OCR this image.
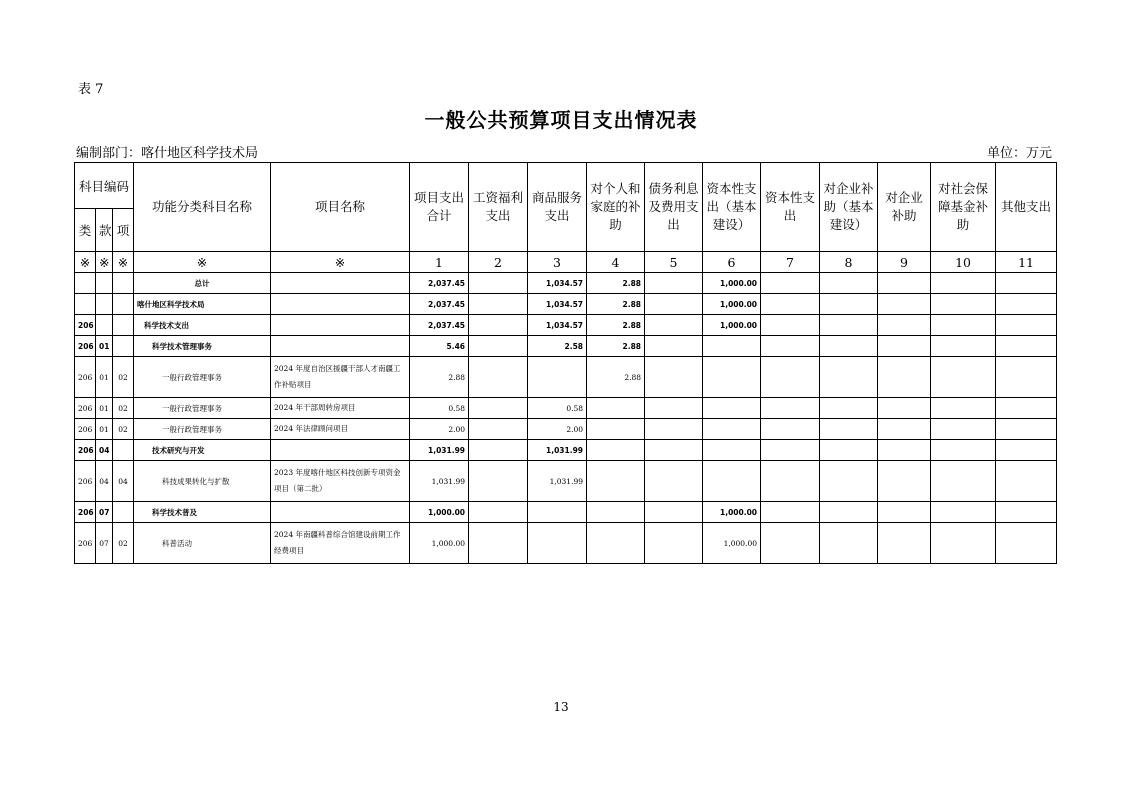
表 7
一般公共预算项目支出情况表
编制部门：喀什地区科学技术局	单位：万元
科目编码			功能分类科目名称	项目名称	项目支出合计	工资福利支出	商品服务支出	对个人和家庭的补助	债务利息及费用支出	资本性支出（基本建设）	资本性支出	对企业补助（基本建设）	对企业补助	对社会保障基金补助	其他支出
类	款	项													
※	※	※	※	※	1	2	3	4	5	6	7	8	9	10	11
			总计		2,037.45		1,034.57	2.88		1,000.00					
			喀什地区科学技术局		2,037.45		1,034.57	2.88		1,000.00					
206			科学技术支出		2,037.45		1,034.57	2.88		1,000.00					
206	01		科学技术管理事务		5.46		2.58	2.88							
206	01	02	一般行政管理事务	2024 年度自治区援疆干部人才南疆工作补贴项目	2.88			2.88							
206	01	02	一般行政管理事务	2024 年干部周转房项目	0.58		0.58								
206	01	02	一般行政管理事务	2024 年法律顾问项目	2.00		2.00								
206	04		技术研究与开发		1,031.99		1,031.99								
206	04	04	科技成果转化与扩散	2023 年度喀什地区科技创新专项资金项目（第二批）	1,031.99		1,031.99								
206	07		科学技术普及		1,000.00					1,000.00					
206	07	02	科普活动	2024 年南疆科普综合馆建设前期工作经费项目	1,000.00					1,000.00					
13
